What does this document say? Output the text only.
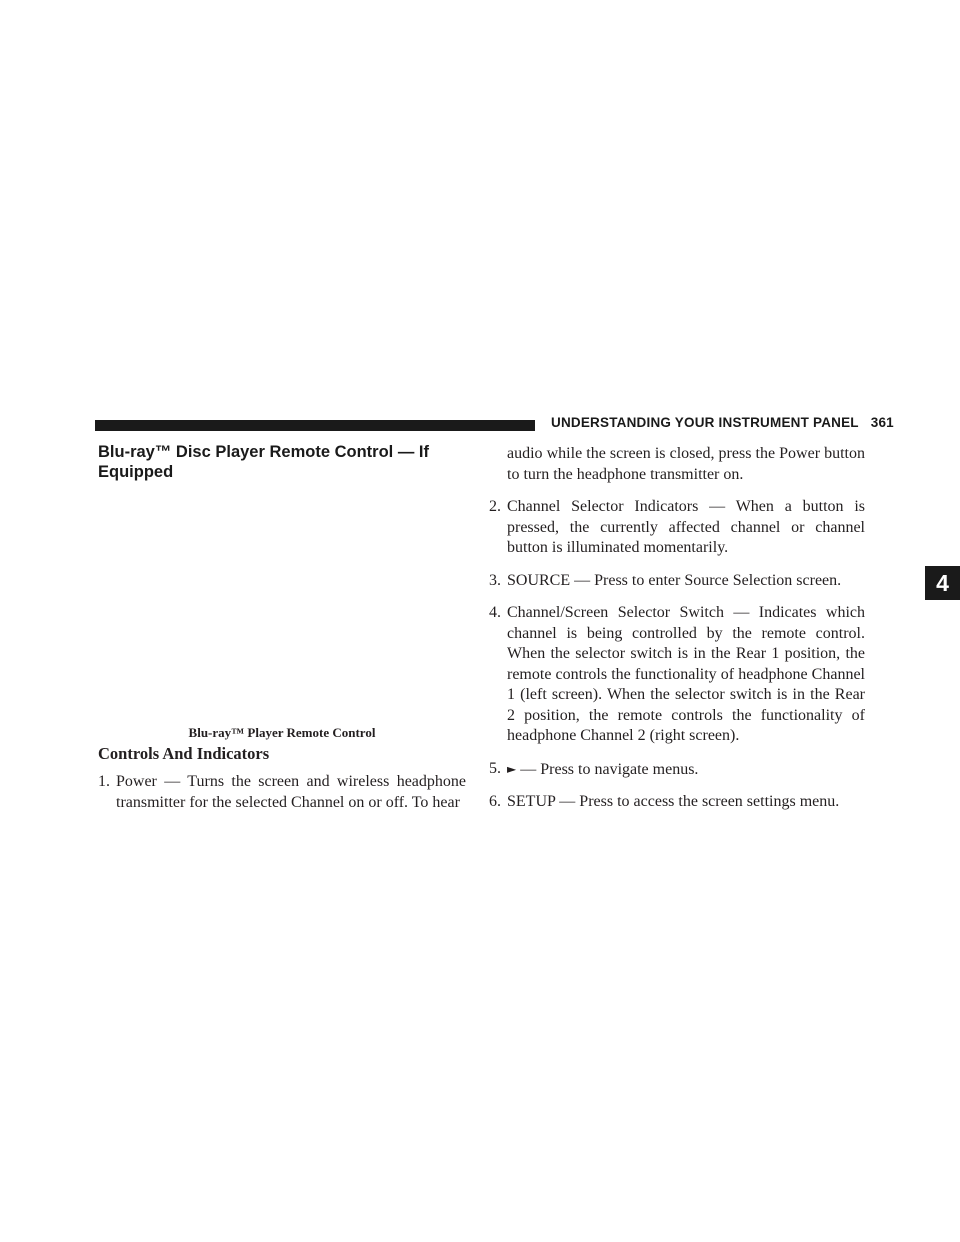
UNDERSTANDING YOUR INSTRUMENT PANEL 361
4
Blu-ray™ Disc Player Remote Control — If Equipped
Blu-ray™ Player Remote Control
Controls And Indicators

1. Power — Turns the screen and wireless headphone transmitter for the selected Channel on or off. To hear

audio while the screen is closed, press the Power button to turn the headphone transmitter on.

2. Channel Selector Indicators — When a button is pressed, the currently affected channel or channel button is illuminated momentarily.

3. SOURCE — Press to enter Source Selection screen.

4. Channel/Screen Selector Switch — Indicates which channel is being controlled by the remote control. When the selector switch is in the Rear 1 position, the remote controls the functionality of headphone Channel 1 (left screen). When the selector switch is in the Rear 2 position, the remote controls the functionality of headphone Channel 2 (right screen).

5. ► — Press to navigate menus.

6. SETUP — Press to access the screen settings menu.
